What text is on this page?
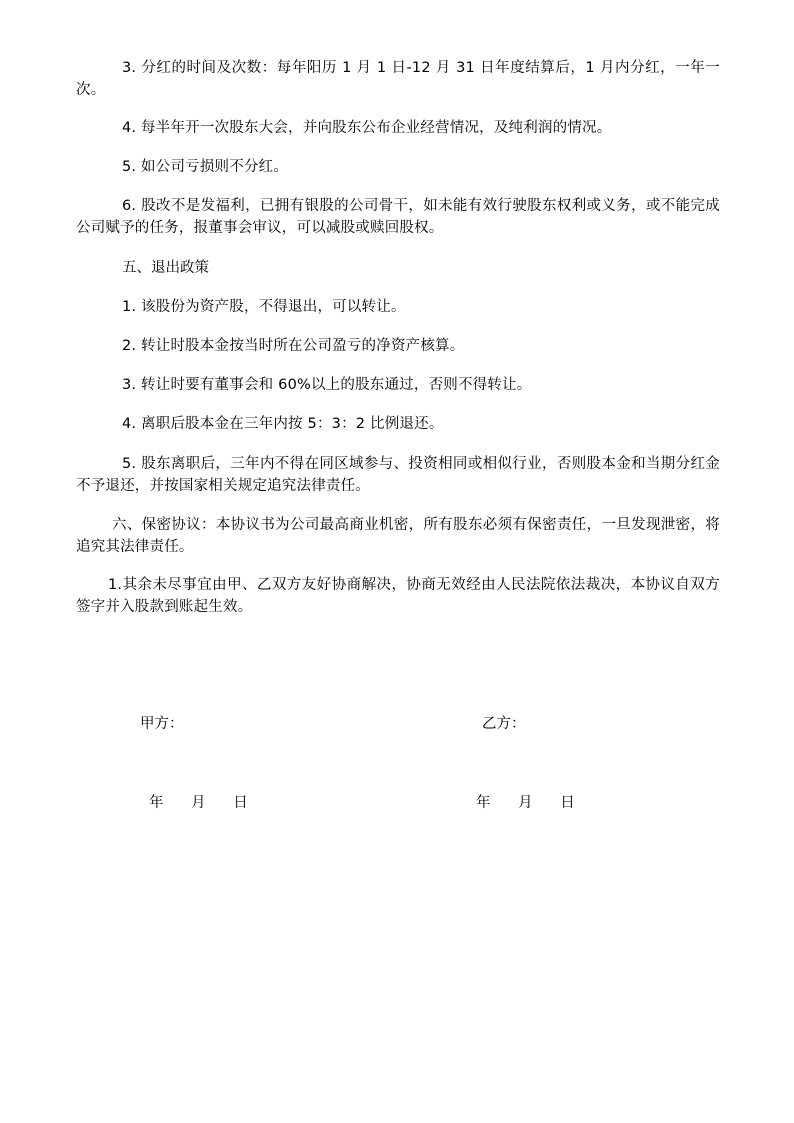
3. 分红的时间及次数：每年阳历 1 月 1 日-12 月 31 日年度结算后，1 月内分红，一年一次。

4. 每半年开一次股东大会，并向股东公布企业经营情况，及纯利润的情况。

5. 如公司亏损则不分红。

6. 股改不是发福利，已拥有银股的公司骨干，如未能有效行驶股东权利或义务，或不能完成公司赋予的任务，报董事会审议，可以减股或赎回股权。

五、退出政策

1. 该股份为资产股，不得退出，可以转让。

2. 转让时股本金按当时所在公司盈亏的净资产核算。

3. 转让时要有董事会和 60%以上的股东通过，否则不得转让。

4. 离职后股本金在三年内按 5：3：2 比例退还。

5. 股东离职后，三年内不得在同区域参与、投资相同或相似行业，否则股本金和当期分红金不予退还，并按国家相关规定追究法律责任。

六、保密协议：本协议书为公司最高商业机密，所有股东必须有保密责任，一旦发现泄密，将追究其法律责任。

1.其余未尽事宜由甲、乙双方友好协商解决，协商无效经由人民法院依法裁决，本协议自双方签字并入股款到账起生效。

甲方：	乙方：

年      月      日	年      月      日
